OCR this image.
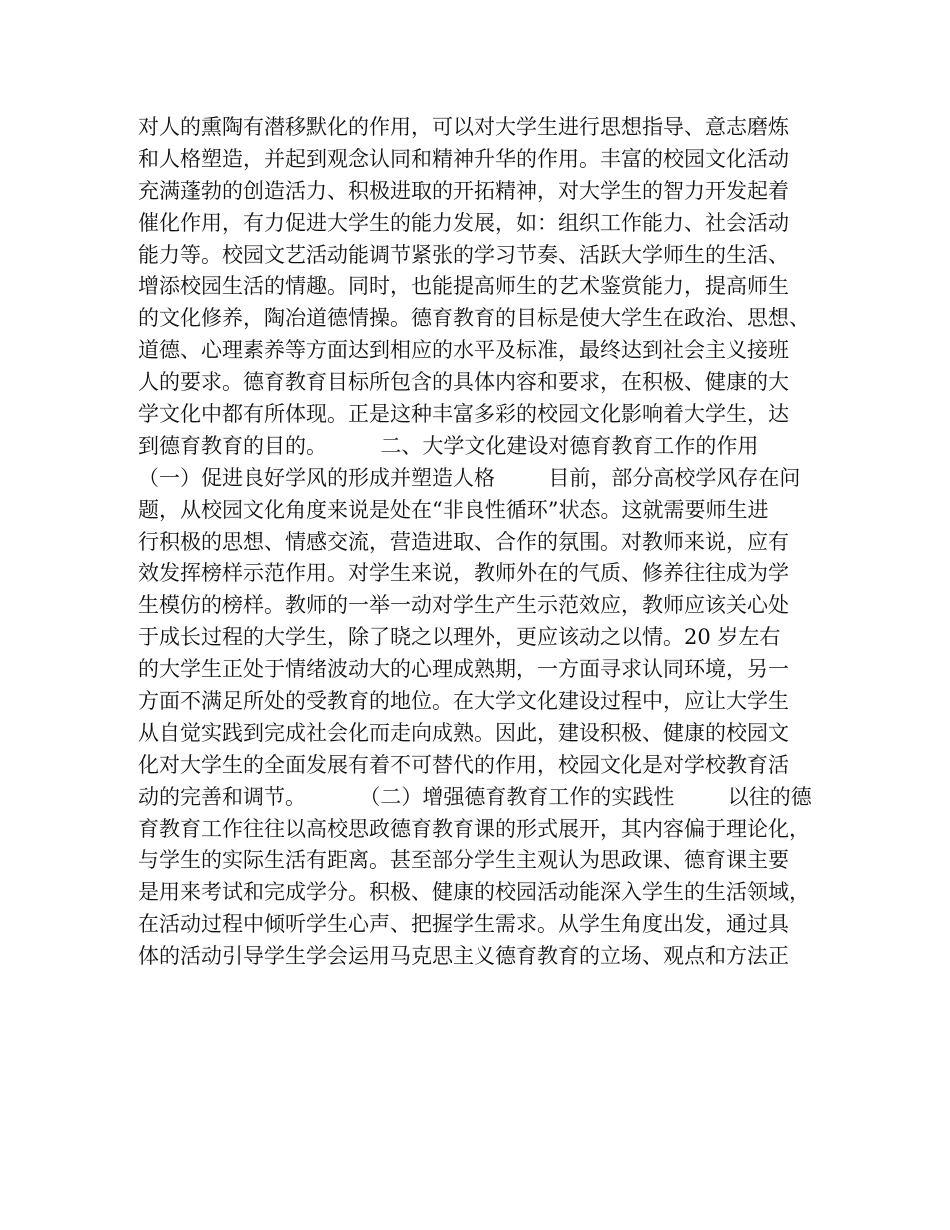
对人的熏陶有潜移默化的作用，可以对大学生进行思想指导、意志磨炼
和人格塑造，并起到观念认同和精神升华的作用。丰富的校园文化活动
充满蓬勃的创造活力、积极进取的开拓精神，对大学生的智力开发起着
催化作用，有力促进大学生的能力发展，如：组织工作能力、社会活动
能力等。校园文艺活动能调节紧张的学习节奏、活跃大学师生的生活、
增添校园生活的情趣。同时，也能提高师生的艺术鉴赏能力，提高师生
的文化修养，陶冶道德情操。德育教育的目标是使大学生在政治、思想、
道德、心理素养等方面达到相应的水平及标准，最终达到社会主义接班
人的要求。德育教育目标所包含的具体内容和要求，在积极、健康的大
学文化中都有所体现。正是这种丰富多彩的校园文化影响着大学生，达
到德育教育的目的。        二、大学文化建设对德育教育工作的作用
（一）促进良好学风的形成并塑造人格        目前，部分高校学风存在问
题，从校园文化角度来说是处在“非良性循环”状态。这就需要师生进
行积极的思想、情感交流，营造进取、合作的氛围。对教师来说，应有
效发挥榜样示范作用。对学生来说，教师外在的气质、修养往往成为学
生模仿的榜样。教师的一举一动对学生产生示范效应，教师应该关心处
于成长过程的大学生，除了晓之以理外，更应该动之以情。20 岁左右
的大学生正处于情绪波动大的心理成熟期，一方面寻求认同环境，另一
方面不满足所处的受教育的地位。在大学文化建设过程中，应让大学生
从自觉实践到完成社会化而走向成熟。因此，建设积极、健康的校园文
化对大学生的全面发展有着不可替代的作用，校园文化是对学校教育活
动的完善和调节。        （二）增强德育教育工作的实践性        以往的德
育教育工作往往以高校思政德育教育课的形式展开，其内容偏于理论化，
与学生的实际生活有距离。甚至部分学生主观认为思政课、德育课主要
是用来考试和完成学分。积极、健康的校园活动能深入学生的生活领域，
在活动过程中倾听学生心声、把握学生需求。从学生角度出发，通过具
体的活动引导学生学会运用马克思主义德育教育的立场、观点和方法正
